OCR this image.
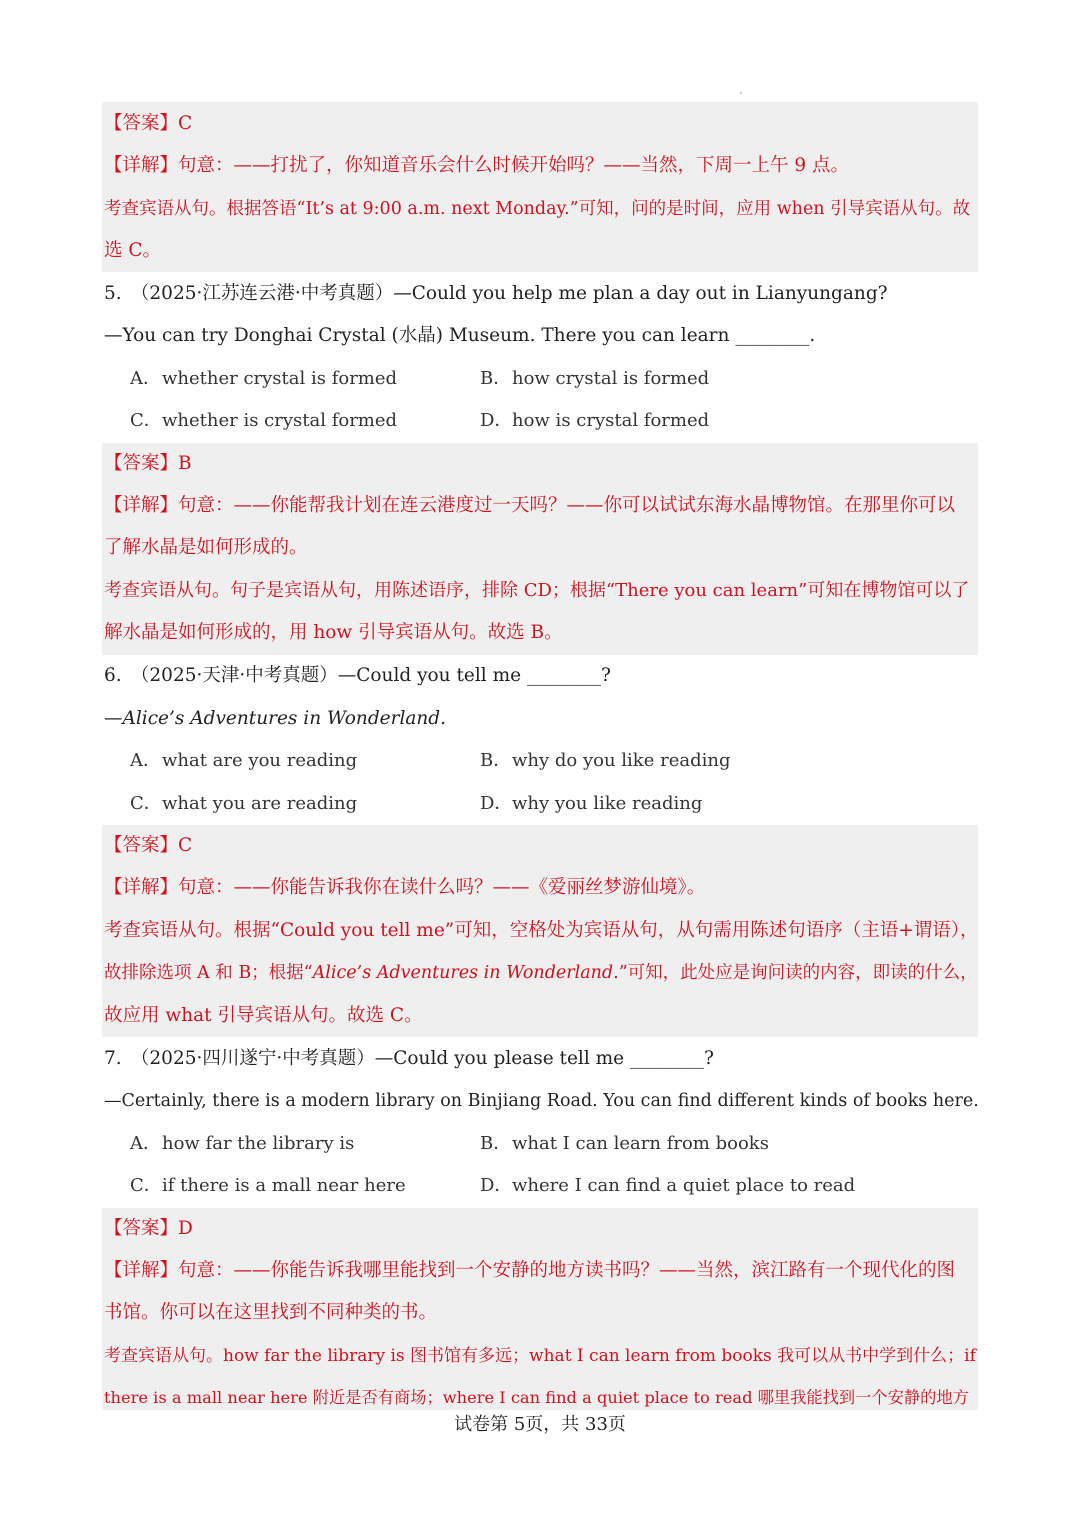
【答案】C
【详解】句意：——打扰了，你知道音乐会什么时候开始吗？——当然，下周一上午 9 点。
考查宾语从句。根据答语“It’s at 9:00 a.m. next Monday.”可知，问的是时间，应用 when 引导宾语从句。故
选 C。
5.　（2025·江苏连云港·中考真题）—Could you help me plan a day out in Lianyungang?
—You can try Donghai Crystal (水晶) Museum. There you can learn ________.
A．whether crystal is formed	B．how crystal is formed
C．whether is crystal formed	D．how is crystal formed
【答案】B
【详解】句意：——你能帮我计划在连云港度过一天吗？——你可以试试东海水晶博物馆。在那里你可以
了解水晶是如何形成的。
考查宾语从句。句子是宾语从句，用陈述语序，排除 CD；根据“There you can learn”可知在博物馆可以了
解水晶是如何形成的，用 how 引导宾语从句。故选 B。
6.　（2025·天津·中考真题）—Could you tell me ________?
—Alice’s Adventures in Wonderland.
A．what are you reading	B．why do you like reading
C．what you are reading	D．why you like reading
【答案】C
【详解】句意：——你能告诉我你在读什么吗？——《爱丽丝梦游仙境》。
考查宾语从句。根据“Could you tell me”可知，空格处为宾语从句，从句需用陈述句语序（主语+谓语），
故排除选项 A 和 B；根据“Alice’s Adventures in Wonderland.”可知，此处应是询问读的内容，即读的什么，
故应用 what 引导宾语从句。故选 C。
7.　（2025·四川遂宁·中考真题）—Could you please tell me ________?
—Certainly, there is a modern library on Binjiang Road. You can find different kinds of books here.
A．how far the library is	B．what I can learn from books
C．if there is a mall near here	D．where I can find a quiet place to read
【答案】D
【详解】句意：——你能告诉我哪里能找到一个安静的地方读书吗？——当然，滨江路有一个现代化的图
书馆。你可以在这里找到不同种类的书。
考查宾语从句。how far the library is 图书馆有多远；what I can learn from books 我可以从书中学到什么；if
there is a mall near here 附近是否有商场；where I can find a quiet place to read 哪里我能找到一个安静的地方
试卷第 5页，共 33页
